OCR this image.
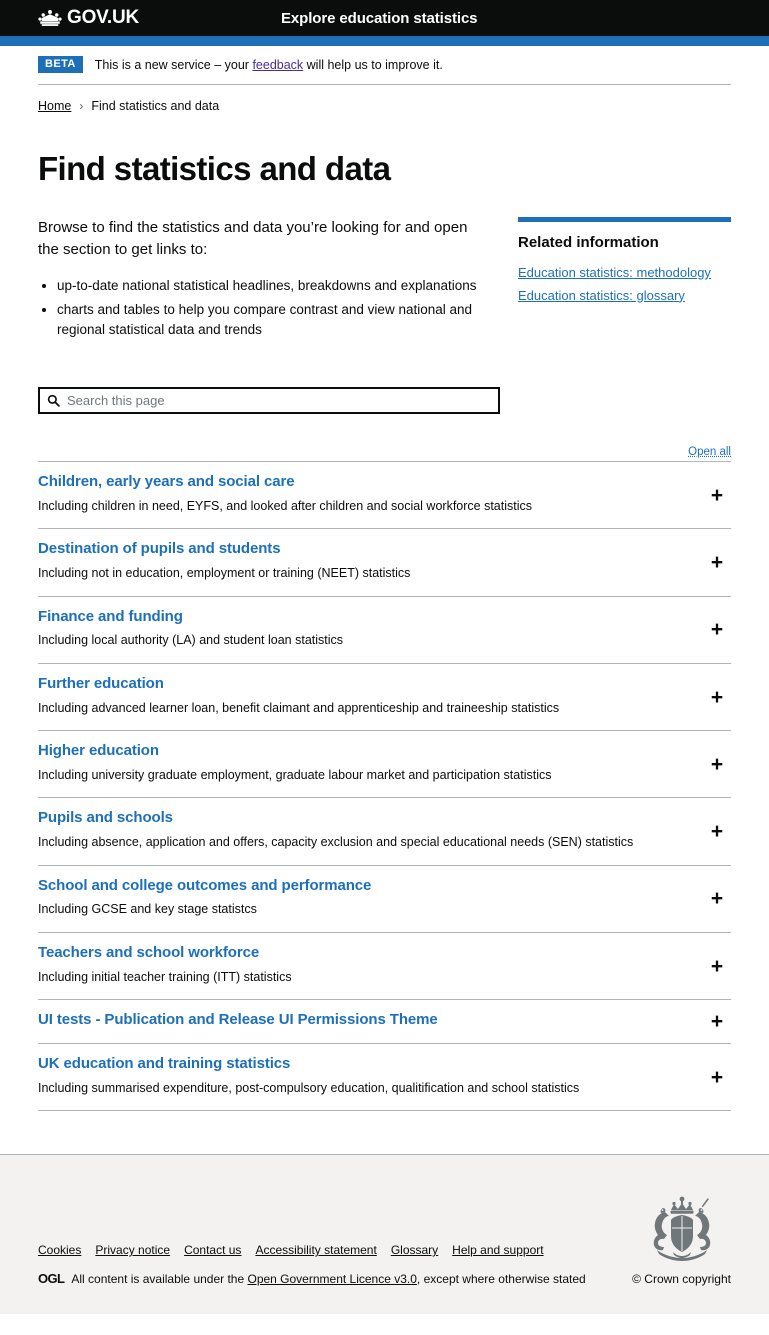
GOV.UK	Explore education statistics
BETA	This is a new service – your feedback will help us to improve it.
Home › Find statistics and data
Find statistics and data

Browse to find the statistics and data you’re looking for and open the section to get links to:

• up-to-date national statistical headlines, breakdowns and explanations
• charts and tables to help you compare contrast and view national and regional statistical data and trends
Related information
Education statistics: methodology
Education statistics: glossary
Search this page
Open all
Children, early years and social care

Including children in need, EYFS, and looked after children and social workforce statistics	+
Destination of pupils and students

Including not in education, employment or training (NEET) statistics	+
Finance and funding

Including local authority (LA) and student loan statistics	+
Further education

Including advanced learner loan, benefit claimant and apprenticeship and traineeship statistics	+
Higher education

Including university graduate employment, graduate labour market and participation statistics	+
Pupils and schools

Including absence, application and offers, capacity exclusion and special educational needs (SEN) statistics	+
School and college outcomes and performance

Including GCSE and key stage statistcs	+
Teachers and school workforce

Including initial teacher training (ITT) statistics	+
UI tests - Publication and Release UI Permissions Theme	+
UK education and training statistics

Including summarised expenditure, post-compulsory education, qualitification and school statistics	+
Cookies Privacy notice Contact us Accessibility statement Glossary Help and support
OGL All content is available under the Open Government Licence v3.0, except where otherwise stated	© Crown copyright
